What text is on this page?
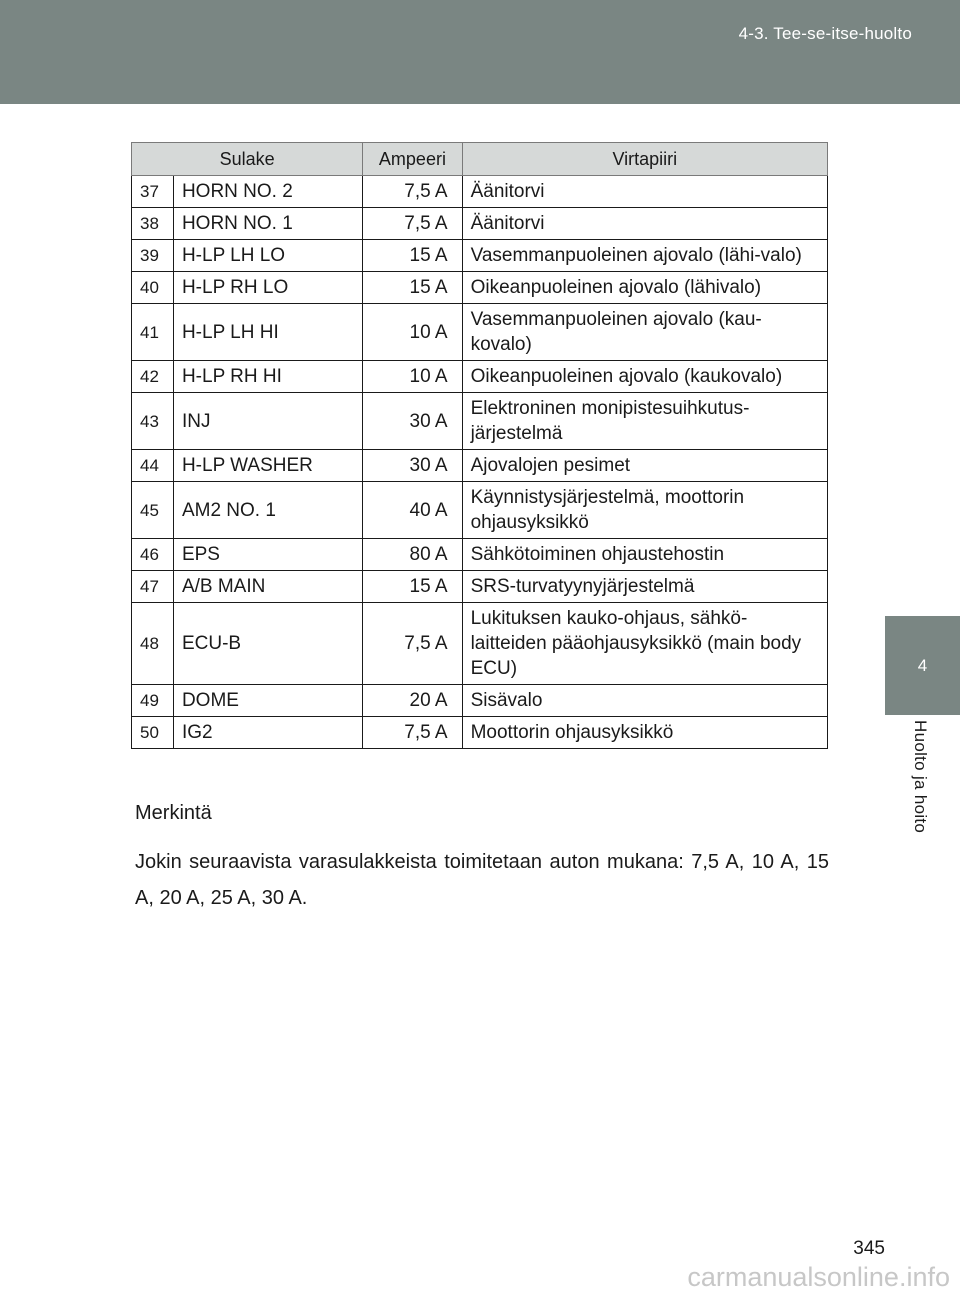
4-3. Tee-se-itse-huolto
4
Huolto ja hoito
Sulake		Ampeeri	Virtapiiri
37	HORN NO. 2	7,5 A	Äänitorvi
38	HORN NO. 1	7,5 A	Äänitorvi
39	H-LP LH LO	15 A	Vasemmanpuoleinen ajovalo (lähi-valo)
40	H-LP RH LO	15 A	Oikeanpuoleinen ajovalo (lähivalo)
41	H-LP LH HI	10 A	Vasemmanpuoleinen ajovalo (kau-kovalo)
42	H-LP RH HI	10 A	Oikeanpuoleinen ajovalo (kaukovalo)
43	INJ	30 A	Elektroninen monipistesuihkutus-järjestelmä
44	H-LP WASHER	30 A	Ajovalojen pesimet
45	AM2 NO. 1	40 A	Käynnistysjärjestelmä, moottorin ohjausyksikkö
46	EPS	80 A	Sähkötoiminen ohjaustehostin
47	A/B MAIN	15 A	SRS-turvatyynyjärjestelmä
48	ECU-B	7,5 A	Lukituksen kauko-ohjaus, sähkö-laitteiden pääohjausyksikkö (main body ECU)
49	DOME	20 A	Sisävalo
50	IG2	7,5 A	Moottorin ohjausyksikkö
Merkintä
Jokin seuraavista varasulakkeista toimitetaan auton mukana: 7,5 A, 10 A, 15 A, 20 A, 25 A, 30 A.
345
carmanualsonline.info
